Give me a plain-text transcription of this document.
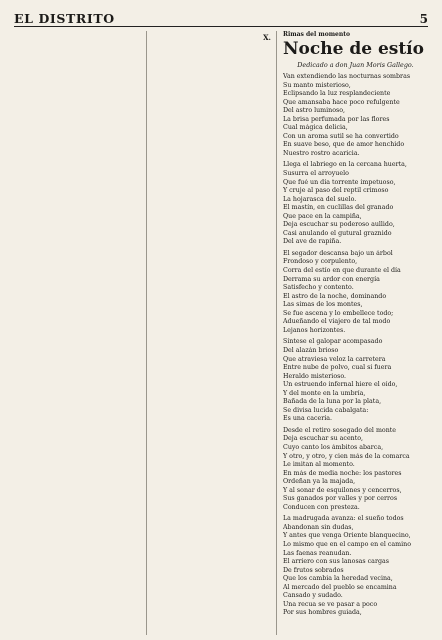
EL DISTRITO	5
X. Rimas del momento
Noche de estío
Dedicado a don Juan Moris Gallego.
Van extendiendo las nocturnas sombras
Su manto misterioso,
Eclipsando la luz resplandeciente
Que amansaba hace poco refulgente
Del astro luminoso,
La brisa perfumada por las flores
Cual mágica delicia,
Con un aroma sutil se ha convertido
En suave beso, que de amor henchido
Nuestro rostro acaricia.
Llega el labriego en la cercana huerta,
Susurra el arroyuelo
Que fué un día torrente impetuoso,
Y cruje al paso del reptil crimoso
La hojarasca del suelo.
El mastín, en cuclillas del granado
Que pace en la campiña,
Deja escuchar su poderoso aullido,
Casi anulando el gutural graznido
Del ave de rapiña.
El segador descansa bajo un árbol
Frondoso y corpulento,
Corra del estío en que durante el día
Derrama su ardor con energía
Satisfecho y contento.
El astro de la noche, dominando
Las simas de los montes,
Se fue ascena y lo embellece todo;
Adueñando el viajero de tal modo
Lejanos horizontes.
Síntese el galopar acompasado
Del alazán brioso
Que atraviesa veloz la carretera
Entre nube de polvo, cual si fuera
Heraldo misterioso.
Un estruendo infernal hiere el oído,
Y del monte en la umbría,
Bañada de la luna por la plata,
Se divisa lucida cabalgata:
Es una cacería.
Desde el retiro sosegado del monte
Deja escuchar su acento,
Cuyo canto los ámbitos abarca,
Y otro, y otro, y cien más de la comarca
Le imitan al momento.
En más de media noche: los pastores
Ordeñan ya la majada,
Y al sonar de esquilones y cencerros,
Sus ganados por valles y por cerros
Conducen con presteza.
La madrugada avanza: el sueño todos
Abandonan sin dudas,
Y antes que venga Oriente blanquecino,
Lo mismo que en el campo en el camino
Las faenas reanudan.
El arriero con sus lanosas cargas
De frutos sobrados
Que los cambia la heredad vecina,
Al mercado del pueblo se encamina
Cansado y sudado.
Una recua se ve pasar a poco
Por sus hombres guiada,
